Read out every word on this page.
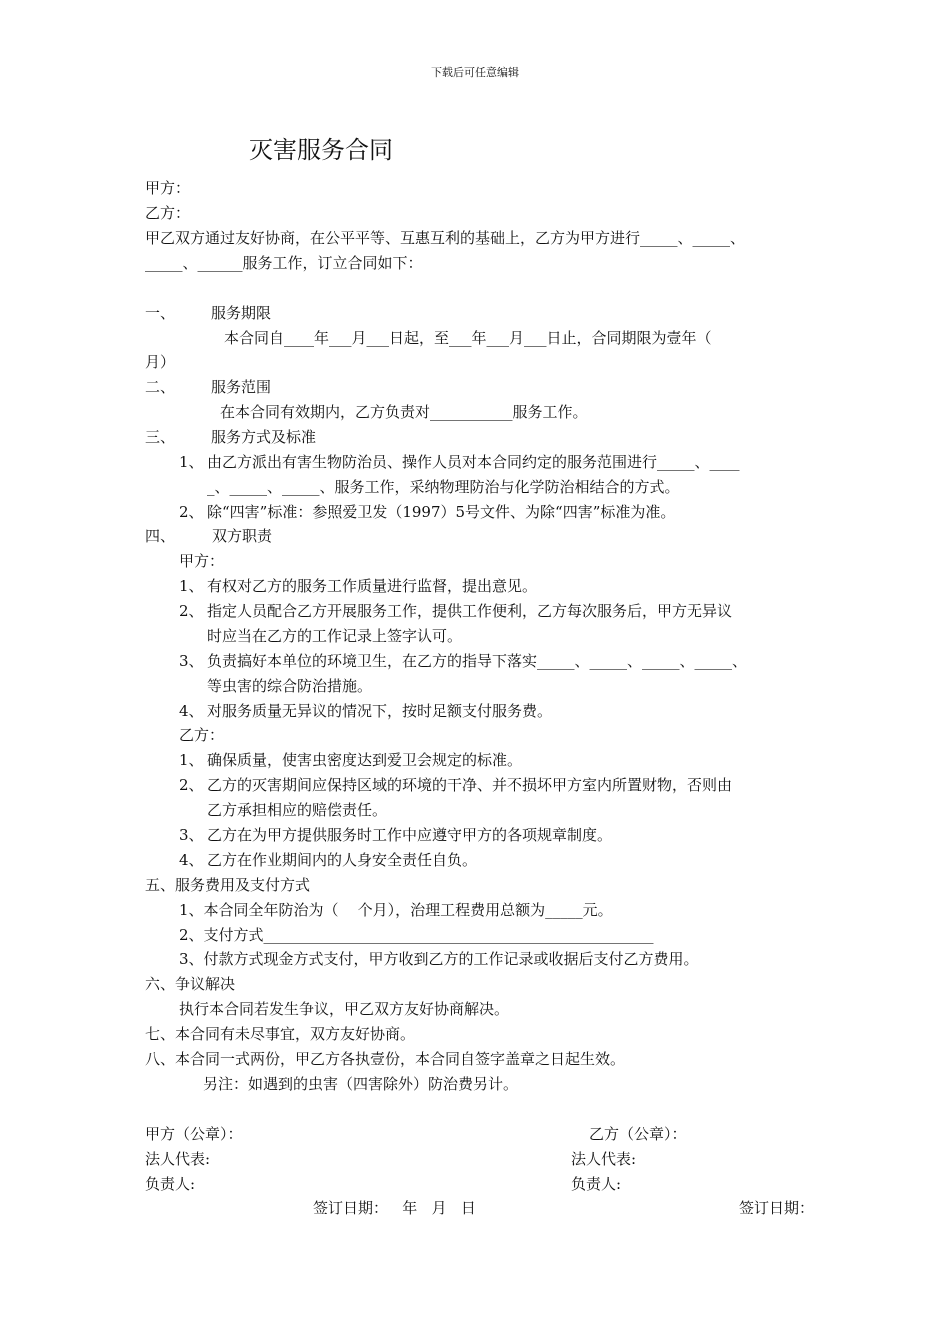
下载后可任意编辑
灭害服务合同
甲方：
乙方：
甲乙双方通过友好协商，在公平平等、互惠互利的基础上，乙方为甲方进行_____、_____、
_____、______服务工作，订立合同如下：
一、 服务期限
本合同自____年___月___日起，至___年___月___日止，合同期限为壹年（
月）
二、 服务范围
在本合同有效期内，乙方负责对___________服务工作。
三、 服务方式及标准
1、 由乙方派出有害生物防治员、操作人员对本合同约定的服务范围进行_____、____
_、_____、_____、服务工作，采纳物理防治与化学防治相结合的方式。
2、 除“四害”标准：参照爱卫发（1997）5号文件、为除“四害”标准为准。
四、 双方职责
甲方：
1、 有权对乙方的服务工作质量进行监督，提出意见。
2、 指定人员配合乙方开展服务工作，提供工作便利，乙方每次服务后，甲方无异议
时应当在乙方的工作记录上签字认可。
3、 负责搞好本单位的环境卫生，在乙方的指导下落实_____、_____、_____、_____、
等虫害的综合防治措施。
4、 对服务质量无异议的情况下，按时足额支付服务费。
乙方：
1、 确保质量，使害虫密度达到爱卫会规定的标准。
2、 乙方的灭害期间应保持区域的环境的干净、并不损坏甲方室内所置财物，否则由
乙方承担相应的赔偿责任。
3、 乙方在为甲方提供服务时工作中应遵守甲方的各项规章制度。
4、 乙方在作业期间内的人身安全责任自负。
五、服务费用及支付方式
1、本合同全年防治为（    个月），治理工程费用总额为_____元。
2、支付方式____________________________________________________
3、付款方式现金方式支付，甲方收到乙方的工作记录或收据后支付乙方费用。
六、争议解决
执行本合同若发生争议，甲乙双方友好协商解决。
七、本合同有未尽事宜，双方友好协商。
八、本合同一式两份，甲乙方各执壹份，本合同自签字盖章之日起生效。
另注：如遇到的虫害（四害除外）防治费另计。
甲方（公章）：	乙方（公章）：
法人代表:	法人代表:
负责人:	负责人:
签订日期：   年   月   日	签订日期：
